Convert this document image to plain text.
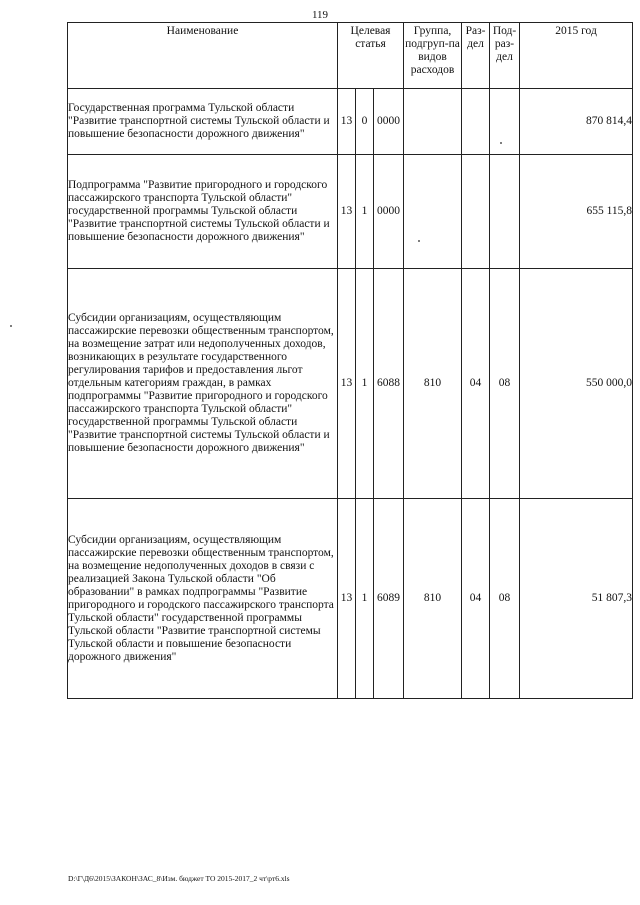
119
Наименование	Целевая статья			Группа, подгруп-па видов расходов	Раз-дел	Под-раз-дел	2015 год
Государственная программа Тульской области "Развитие транспортной системы Тульской области и повышение безопасности дорожного движения"	13	0	0000				870 814,4
Подпрограмма "Развитие пригородного и городского пассажирского транспорта Тульской области" государственной программы Тульской области "Развитие транспортной системы Тульской области и повышение безопасности дорожного движения"	13	1	0000				655 115,8
Субсидии организациям, осуществляющим пассажирские перевозки общественным транспортом, на возмещение затрат или недополученных доходов, возникающих в результате государственного регулирования тарифов и предоставления льгот отдельным категориям граждан, в рамках подпрограммы "Развитие пригородного и городского пассажирского транспорта Тульской области" государственной программы Тульской области "Развитие транспортной системы Тульской области и повышение безопасности дорожного движения"	13	1	6088	810	04	08	550 000,0
Субсидии организациям, осуществляющим пассажирские перевозки общественным транспортом, на возмещение недополученных доходов в связи с реализацией Закона Тульской области "Об образовании" в рамках подпрограммы "Развитие пригородного и городского пассажирского транспорта Тульской области" государственной программы Тульской области "Развитие транспортной системы Тульской области и повышение безопасности дорожного движения"	13	1	6089	810	04	08	51 807,3
D:\Г\Д6\2015\ЗАКОН\ЗАС_8\Изм. бюджет ТО 2015-2017_2 чт\рт6.xls
